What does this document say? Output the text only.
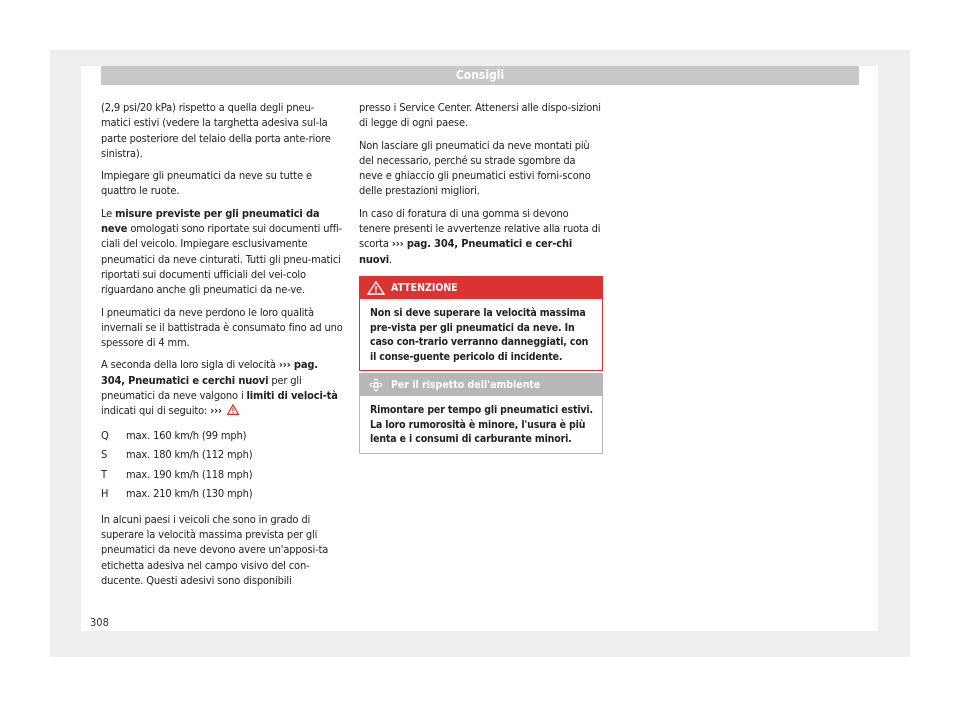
Consigli

(2,9 psi/20 kPa) rispetto a quella degli pneu-matici estivi (vedere la targhetta adesiva sul-la parte posteriore del telaio della porta ante-riore sinistra).

Impiegare gli pneumatici da neve su tutte e quattro le ruote.

Le misure previste per gli pneumatici da neve omologati sono riportate sui documenti uffi-ciali del veicolo. Impiegare esclusivamente pneumatici da neve cinturati. Tutti gli pneu-matici riportati sui documenti ufficiali del vei-colo riguardano anche gli pneumatici da ne-ve.

I pneumatici da neve perdono le loro qualità invernali se il battistrada è consumato fino ad uno spessore di 4 mm.

A seconda della loro sigla di velocità ››› pag. 304, Pneumatici e cerchi nuovi per gli pneumatici da neve valgono i limiti di veloci-tà indicati qui di seguito: ›››

Q	max. 160 km/h (99 mph)
S	max. 180 km/h (112 mph)
T	max. 190 km/h (118 mph)
H	max. 210 km/h (130 mph)

In alcuni paesi i veicoli che sono in grado di superare la velocità massima prevista per gli pneumatici da neve devono avere un'apposi-ta etichetta adesiva nel campo visivo del con-ducente. Questi adesivi sono disponibili

presso i Service Center. Attenersi alle dispo-sizioni di legge di ogni paese.

Non lasciare gli pneumatici da neve montati più del necessario, perché su strade sgombre da neve e ghiaccio gli pneumatici estivi forni-scono delle prestazioni migliori.

In caso di foratura di una gomma si devono tenere presenti le avvertenze relative alla ruota di scorta ››› pag. 304, Pneumatici e cer-chi nuovi.

ATTENZIONE
Non si deve superare la velocità massima pre-vista per gli pneumatici da neve. In caso con-trario verranno danneggiati, con il conse-guente pericolo di incidente.
Per il rispetto dell'ambiente
Rimontare per tempo gli pneumatici estivi. La loro rumorosità è minore, l'usura è più lenta e i consumi di carburante minori.
308
